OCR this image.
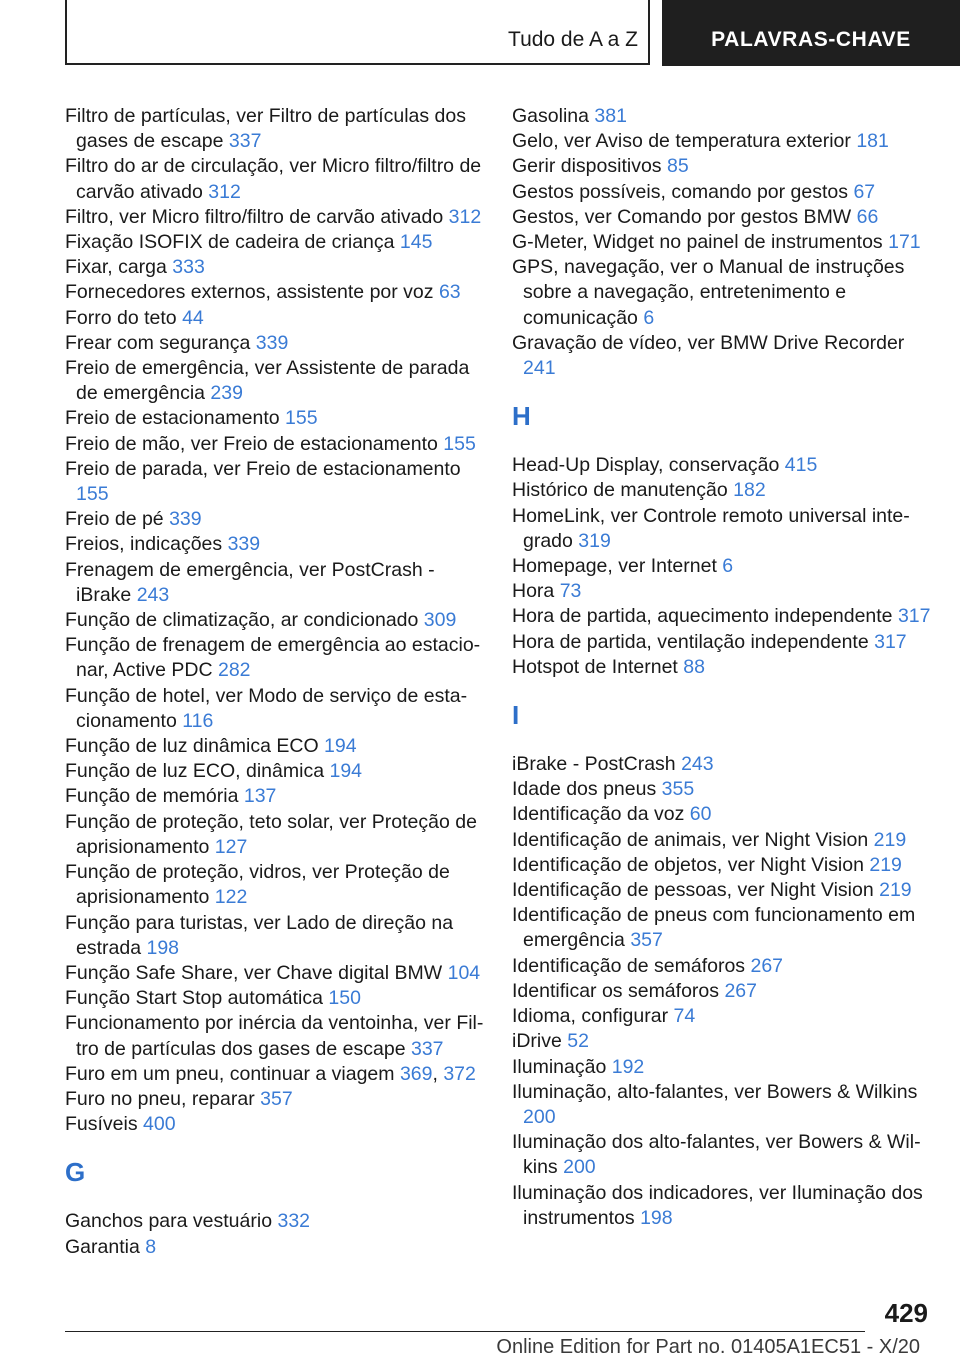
Tudo de A a Z	PALAVRAS-CHAVE
Filtro de partículas, ver Filtro de partículas dos gases de escape 337
Filtro do ar de circulação, ver Micro filtro/filtro de carvão ativado 312
Filtro, ver Micro filtro/filtro de carvão ativado 312
Fixação ISOFIX de cadeira de criança 145
Fixar, carga 333
Fornecedores externos, assistente por voz 63
Forro do teto 44
Frear com segurança 339
Freio de emergência, ver Assistente de parada de emergência 239
Freio de estacionamento 155
Freio de mão, ver Freio de estacionamento 155
Freio de parada, ver Freio de estacionamento 155
Freio de pé 339
Freios, indicações 339
Frenagem de emergência, ver PostCrash - iBrake 243
Função de climatização, ar condicionado 309
Função de frenagem de emergência ao estacionar, Active PDC 282
Função de hotel, ver Modo de serviço de estacionamento 116
Função de luz dinâmica ECO 194
Função de luz ECO, dinâmica 194
Função de memória 137
Função de proteção, teto solar, ver Proteção de aprisionamento 127
Função de proteção, vidros, ver Proteção de aprisionamento 122
Função para turistas, ver Lado de direção na estrada 198
Função Safe Share, ver Chave digital BMW 104
Função Start Stop automática 150
Funcionamento por inércia da ventoinha, ver Filtro de partículas dos gases de escape 337
Furo em um pneu, continuar a viagem 369, 372
Furo no pneu, reparar 357
Fusíveis 400
G
Ganchos para vestuário 332
Garantia 8
Gasolina 381
Gelo, ver Aviso de temperatura exterior 181
Gerir dispositivos 85
Gestos possíveis, comando por gestos 67
Gestos, ver Comando por gestos BMW 66
G-Meter, Widget no painel de instrumentos 171
GPS, navegação, ver o Manual de instruções sobre a navegação, entretenimento e comunicação 6
Gravação de vídeo, ver BMW Drive Recorder 241
H
Head-Up Display, conservação 415
Histórico de manutenção 182
HomeLink, ver Controle remoto universal integrado 319
Homepage, ver Internet 6
Hora 73
Hora de partida, aquecimento independente 317
Hora de partida, ventilação independente 317
Hotspot de Internet 88
I
iBrake - PostCrash 243
Idade dos pneus 355
Identificação da voz 60
Identificação de animais, ver Night Vision 219
Identificação de objetos, ver Night Vision 219
Identificação de pessoas, ver Night Vision 219
Identificação de pneus com funcionamento em emergência 357
Identificação de semáforos 267
Identificar os semáforos 267
Idioma, configurar 74
iDrive 52
Iluminação 192
Iluminação, alto-falantes, ver Bowers & Wilkins 200
Iluminação dos alto-falantes, ver Bowers & Wilkins 200
Iluminação dos indicadores, ver Iluminação dos instrumentos 198
429
Online Edition for Part no. 01405A1EC51 - X/20
